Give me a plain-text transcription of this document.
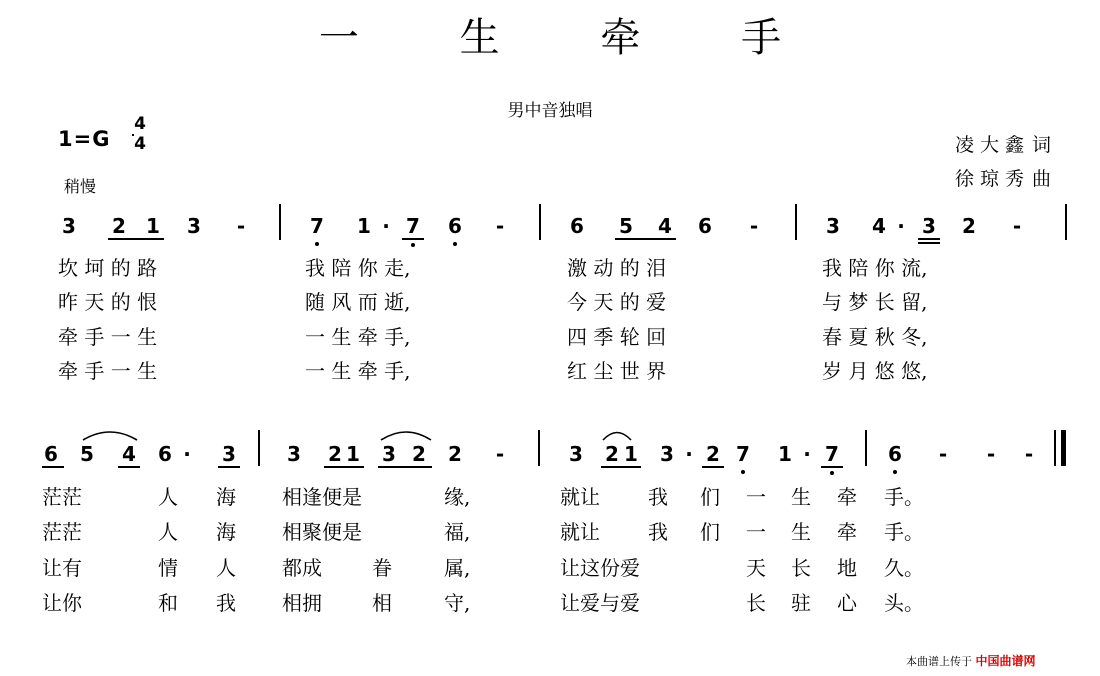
一 生 牵 手
男中音独唱
1=G
4
4
稍慢
凌大鑫 词
徐琼秀 曲
3 2 1 3 -	7 1 · 7 6 -	6 5 4 6 -	3 4 · 3 2 -
坎 坷 的 路	我 陪 你 走,	激 动 的 泪	我 陪 你 流,
昨 天 的 恨	随 风 而 逝,	今 天 的 爱	与 梦 长 留,
牵 手 一 生	一 生 牵 手,	四 季 轮 回	春 夏 秋 冬,
牵 手 一 生	一 生 牵 手,	红 尘 世 界	岁 月 悠 悠,
6 5 4 6 · 3	3 2 1 3 2 2 -	3 2 1 3 · 2 7 1 · 7 6 - - -
茫茫	人 海 相逢便是	缘,	就让 我 们 一 生 牵 手。
茫茫	人 海 相聚便是	福,	就让 我 们 一 生 牵 手。
让有	情 人 都成	眷	属,	让这份爱	天 长 地 久。
让你	和 我 相拥	相	守,	让爱与爱	长 驻 心 头。
本曲谱上传于 中国曲谱网
